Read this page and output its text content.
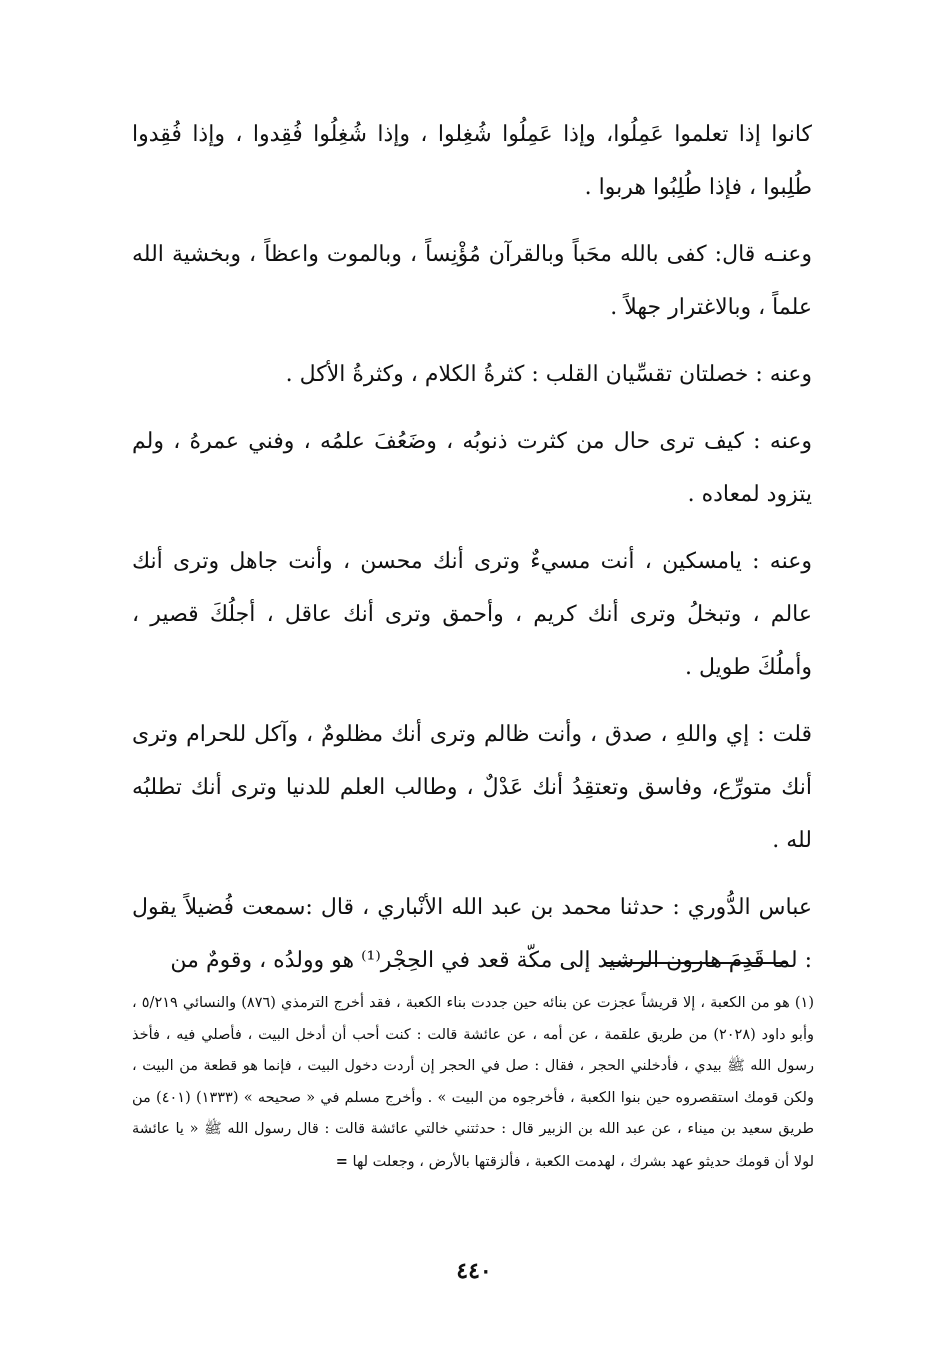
كانوا إذا تعلموا عَمِلُوا، وإذا عَمِلُوا شُغِلوا ، وإذا شُغِلُوا فُقِدوا ، وإذا فُقِدوا طُلِبوا ، فإذا طُلِبُوا هربوا .

وعنـه قال: كفى بالله محَباً وبالقرآن مُؤْنِساً ، وبالموت واعظاً ، وبخشية الله علماً ، وبالاغترار جهلاً .

وعنه : خصلتان تقسِّيان القلب : كثرةُ الكلام ، وكثرةُ الأكل .

وعنه : كيف ترى حال من كثرت ذنوبُه ، وضَعُفَ علمُه ، وفني عمرهُ ، ولم يتزود لمعاده .

وعنه : يامسكين ، أنت مسيءٌ وترى أنك محسن ، وأنت جاهل وترى أنك عالم ، وتبخلُ وترى أنك كريم ، وأحمق وترى أنك عاقل ، أجلُكَ قصير ، وأملُكَ طويل .

قلت : إي واللهِ ، صدق ، وأنت ظالم وترى أنك مظلومٌ ، وآكل للحرام وترى أنك متورِّع، وفاسق وتعتقِدُ أنك عَدْلٌ ، وطالب العلم للدنيا وترى أنك تطلبُه لله .

عباس الدُّوري : حدثنا محمد بن عبد الله الأنْباري ، قال :سمعت فُضيلاً يقول : لما قَدِمَ هارون الرشيد إلى مكّة قعد في الحِجْر⁽¹⁾ هو وولدُه ، وقومٌ من

(١) هو من الكعبة ، إلا قريشاً عجزت عن بنائه حين جددت بناء الكعبة ، فقد أخرج الترمذي (٨٧٦) والنسائي ٥/٢١٩ ، وأبو داود (٢٠٢٨) من طريق علقمة ، عن أمه ، عن عائشة قالت : كنت أحب أن أدخل البيت ، فأصلي فيه ، فأخذ رسول الله ﷺ بيدي ، فأدخلني الحجر ، فقال : صل في الحجر إن أردت دخول البيت ، فإنما هو قطعة من البيت ، ولكن قومك استقصروه حين بنوا الكعبة ، فأخرجوه من البيت » . وأخرج مسلم في « صحيحه » (١٣٣٣) (٤٠١) من طريق سعيد بن ميناء ، عن عبد الله بن الزبير قال : حدثتني خالتي عائشة قالت : قال رسول الله ﷺ « يا عائشة لولا أن قومك حديثو عهد بشرك ، لهدمت الكعبة ، فألزقتها بالأرض ، وجعلت لها =
٤٤٠
